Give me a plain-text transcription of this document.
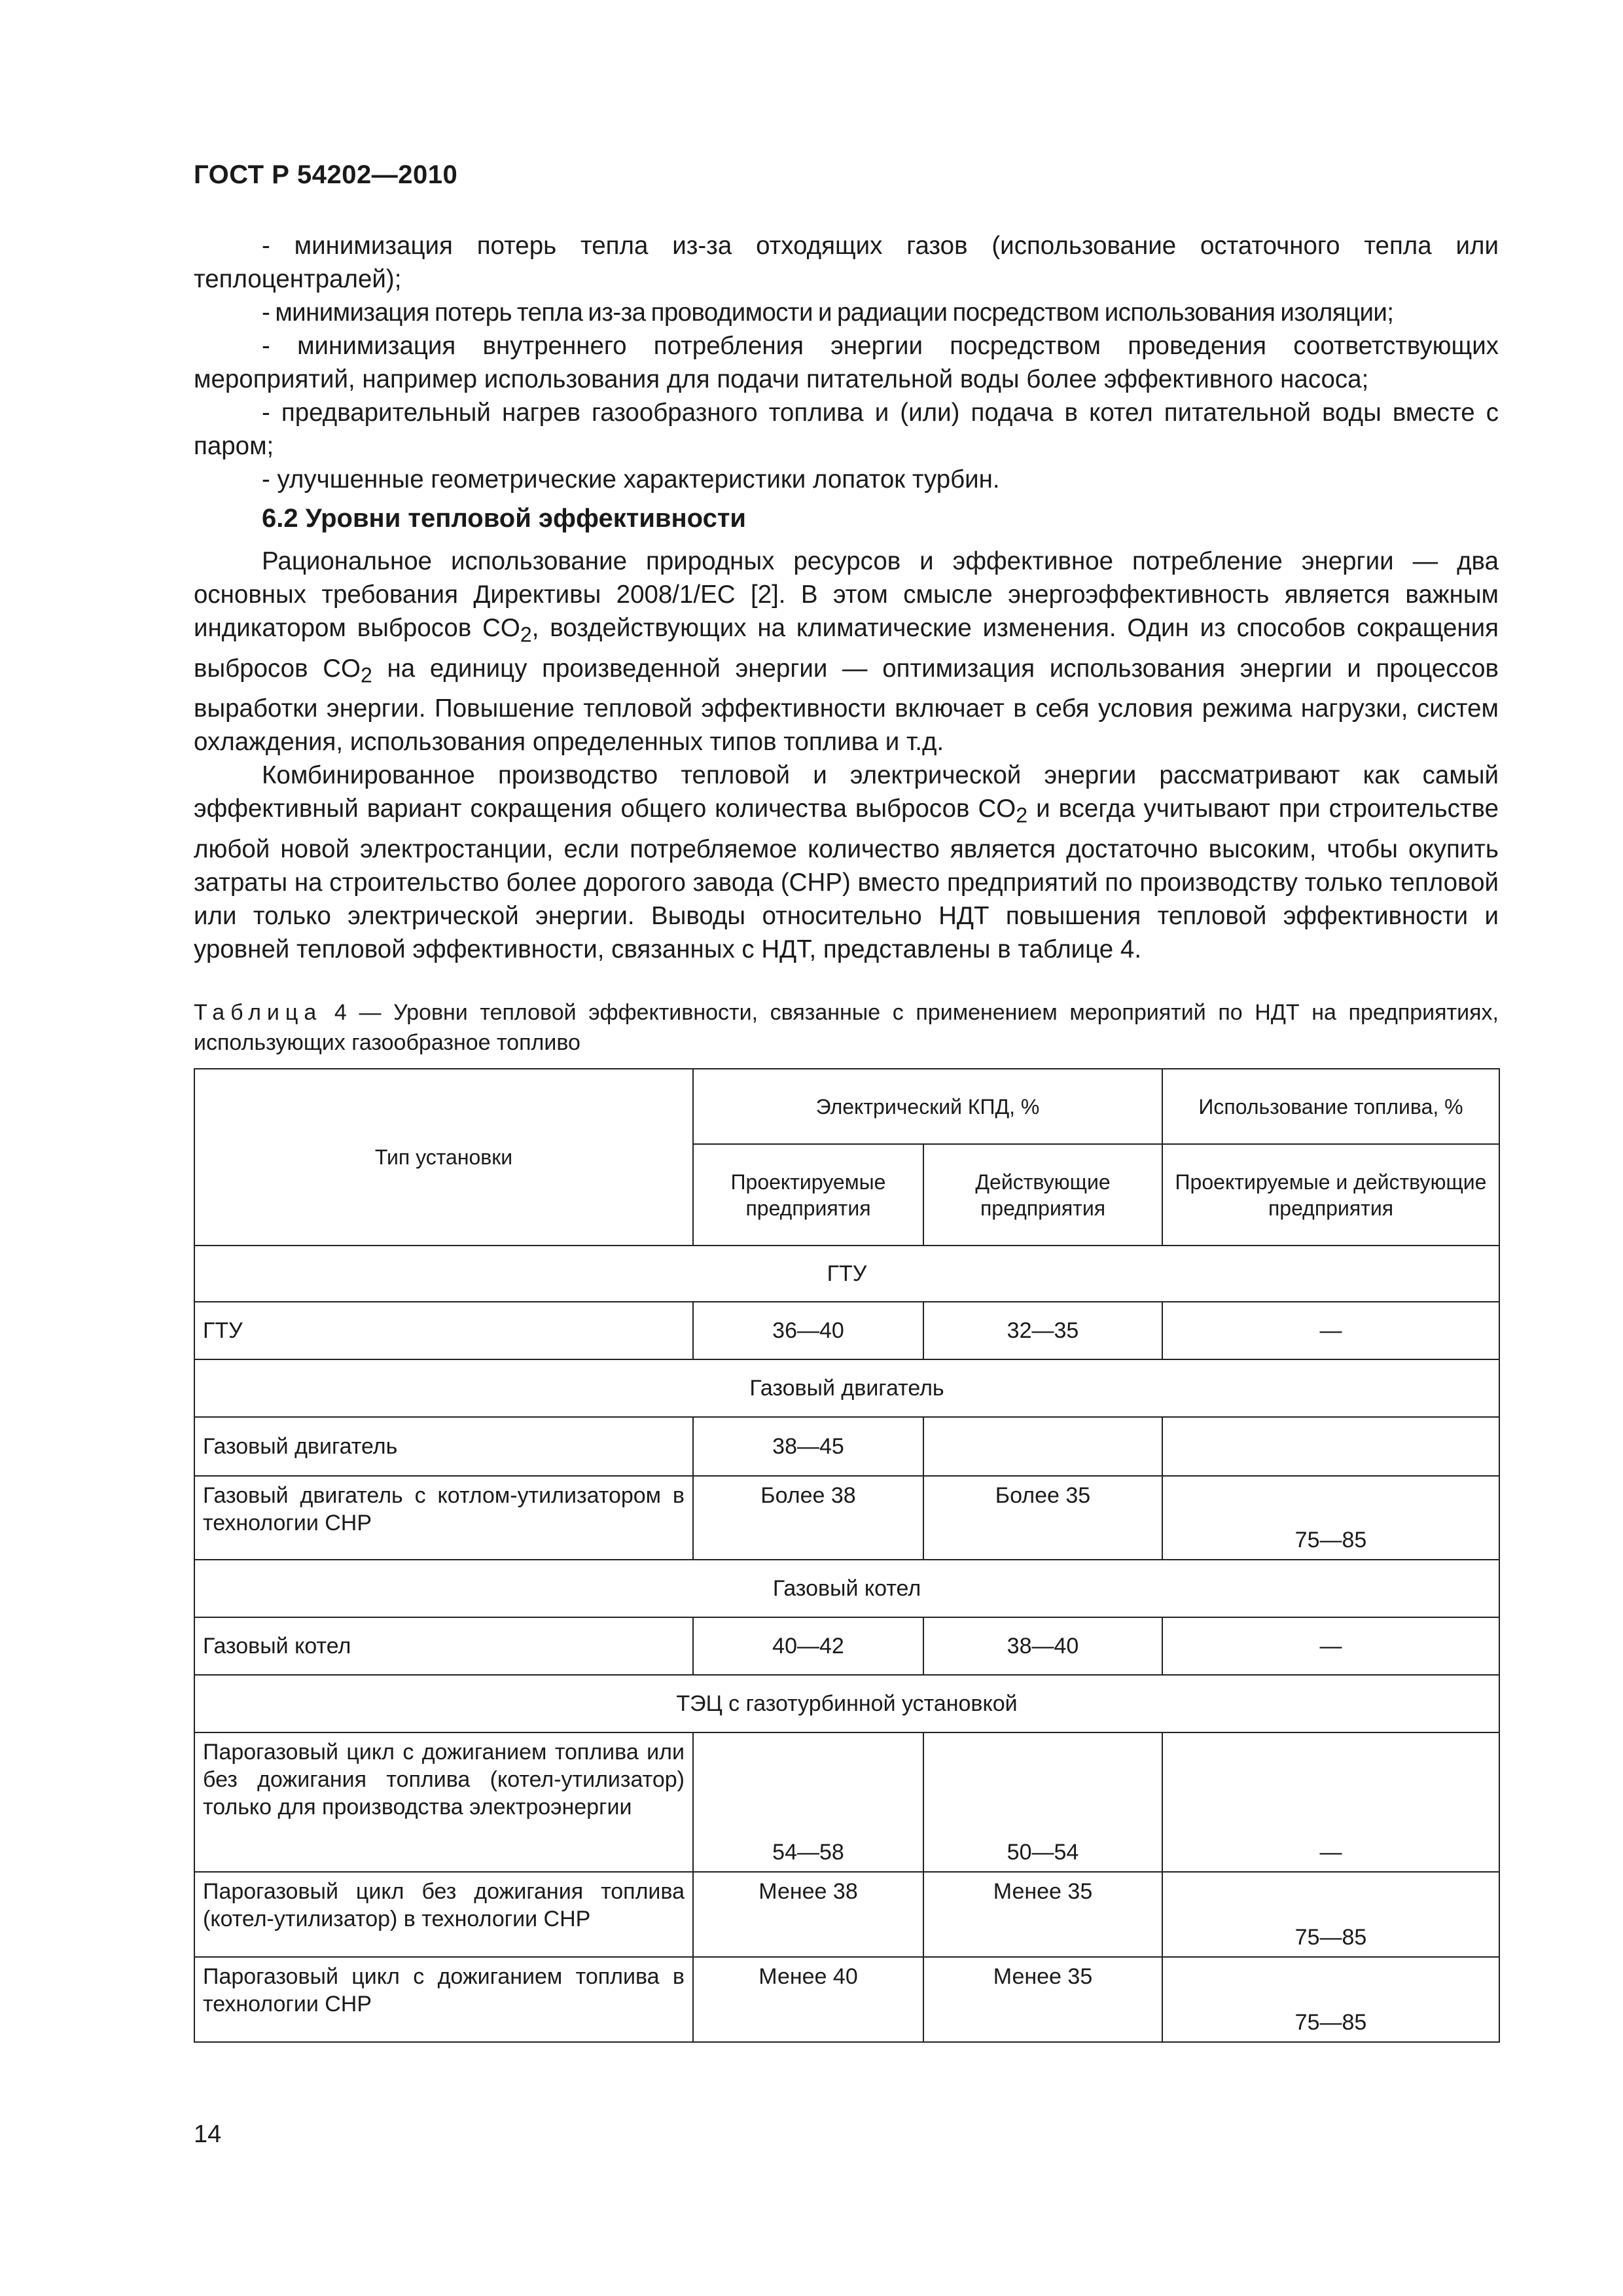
ГОСТ Р 54202—2010

- минимизация потерь тепла из-за отходящих газов (использование остаточного тепла или теплоцентралей);

- минимизация потерь тепла из-за проводимости и радиации посредством использования изоляции;

- минимизация внутреннего потребления энергии посредством проведения соответствующих мероприятий, например использования для подачи питательной воды более эффективного насоса;

- предварительный нагрев газообразного топлива и (или) подача в котел питательной воды вместе с паром;

- улучшенные геометрические характеристики лопаток турбин.

6.2 Уровни тепловой эффективности

Рациональное использование природных ресурсов и эффективное потребление энергии — два основных требования Директивы 2008/1/ЕС [2]. В этом смысле энергоэффективность является важным индикатором выбросов $CO_2$, воздействующих на климатические изменения. Один из способов сокращения выбросов $CO_2$ на единицу произведенной энергии — оптимизация использования энергии и процессов выработки энергии. Повышение тепловой эффективности включает в себя условия режима нагрузки, систем охлаждения, использования определенных типов топлива и т.д.

Комбинированное производство тепловой и электрической энергии рассматривают как самый эффективный вариант сокращения общего количества выбросов $CO_2$ и всегда учитывают при строительстве любой новой электростанции, если потребляемое количество является достаточно высоким, чтобы окупить затраты на строительство более дорогого завода (CHP) вместо предприятий по производству только тепловой или только электрической энергии. Выводы относительно НДТ повышения тепловой эффективности и уровней тепловой эффективности, связанных с НДТ, представлены в таблице 4.

Таблица 4 — Уровни тепловой эффективности, связанные с применением мероприятий по НДТ на предприятиях, использующих газообразное топливо
Тип установки	Электрический КПД, %		Использование топлива, %
	Проектируемые предприятия	Действующие предприятия	Проектируемые и действующие предприятия
ГТУ			
ГТУ	36—40	32—35	—
Газовый двигатель			
Газовый двигатель	38—45		
Газовый двигатель с котлом-утилизатором в технологии CHP	Более 38	Более 35	75—85
Газовый котел			
Газовый котел	40—42	38—40	—
ТЭЦ с газотурбинной установкой			
Парогазовый цикл с дожиганием топлива или без дожигания топлива (котел-утилизатор) только для производства электроэнергии	54—58	50—54	—
Парогазовый цикл без дожигания топлива (котел-утилизатор) в технологии CHP	Менее 38	Менее 35	75—85
Парогазовый цикл с дожиганием топлива в технологии CHP	Менее 40	Менее 35	75—85
14
